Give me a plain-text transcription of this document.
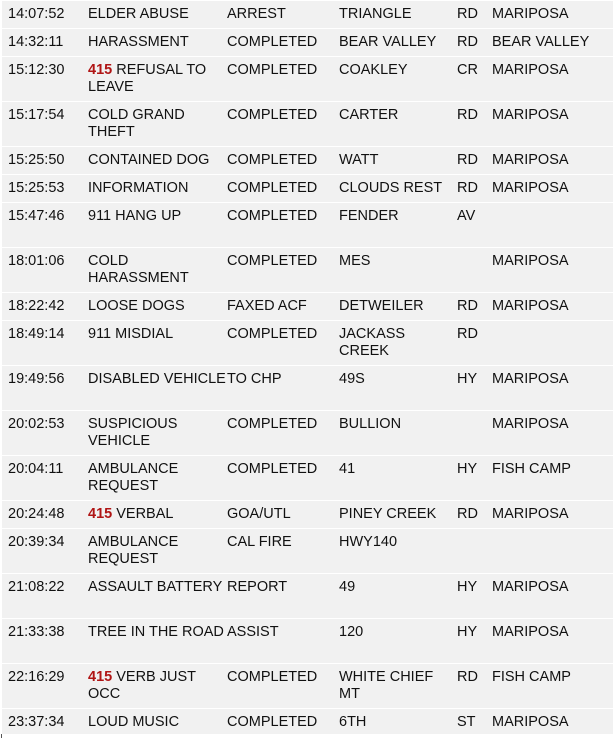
14:07:52	ELDER ABUSE	ARREST	TRIANGLE	RD	MARIPOSA
14:32:11	HARASSMENT	COMPLETED	BEAR VALLEY	RD	BEAR VALLEY
15:12:30	415 REFUSAL TO LEAVE	COMPLETED	COAKLEY	CR	MARIPOSA
15:17:54	COLD GRAND THEFT	COMPLETED	CARTER	RD	MARIPOSA
15:25:50	CONTAINED DOG	COMPLETED	WATT	RD	MARIPOSA
15:25:53	INFORMATION	COMPLETED	CLOUDS REST	RD	MARIPOSA
15:47:46	911 HANG UP	COMPLETED	FENDER	AV	
18:01:06	COLD HARASSMENT	COMPLETED	MES		MARIPOSA
18:22:42	LOOSE DOGS	FAXED ACF	DETWEILER	RD	MARIPOSA
18:49:14	911 MISDIAL	COMPLETED	JACKASS CREEK	RD	
19:49:56	DISABLED VEHICLE	TO CHP	49S	HY	MARIPOSA
20:02:53	SUSPICIOUS VEHICLE	COMPLETED	BULLION		MARIPOSA
20:04:11	AMBULANCE REQUEST	COMPLETED	41	HY	FISH CAMP
20:24:48	415 VERBAL	GOA/UTL	PINEY CREEK	RD	MARIPOSA
20:39:34	AMBULANCE REQUEST	CAL FIRE	HWY140		
21:08:22	ASSAULT BATTERY	REPORT	49	HY	MARIPOSA
21:33:38	TREE IN THE ROAD	ASSIST	120	HY	MARIPOSA
22:16:29	415 VERB JUST OCC	COMPLETED	WHITE CHIEF MT	RD	FISH CAMP
23:37:34	LOUD MUSIC	COMPLETED	6TH	ST	MARIPOSA
